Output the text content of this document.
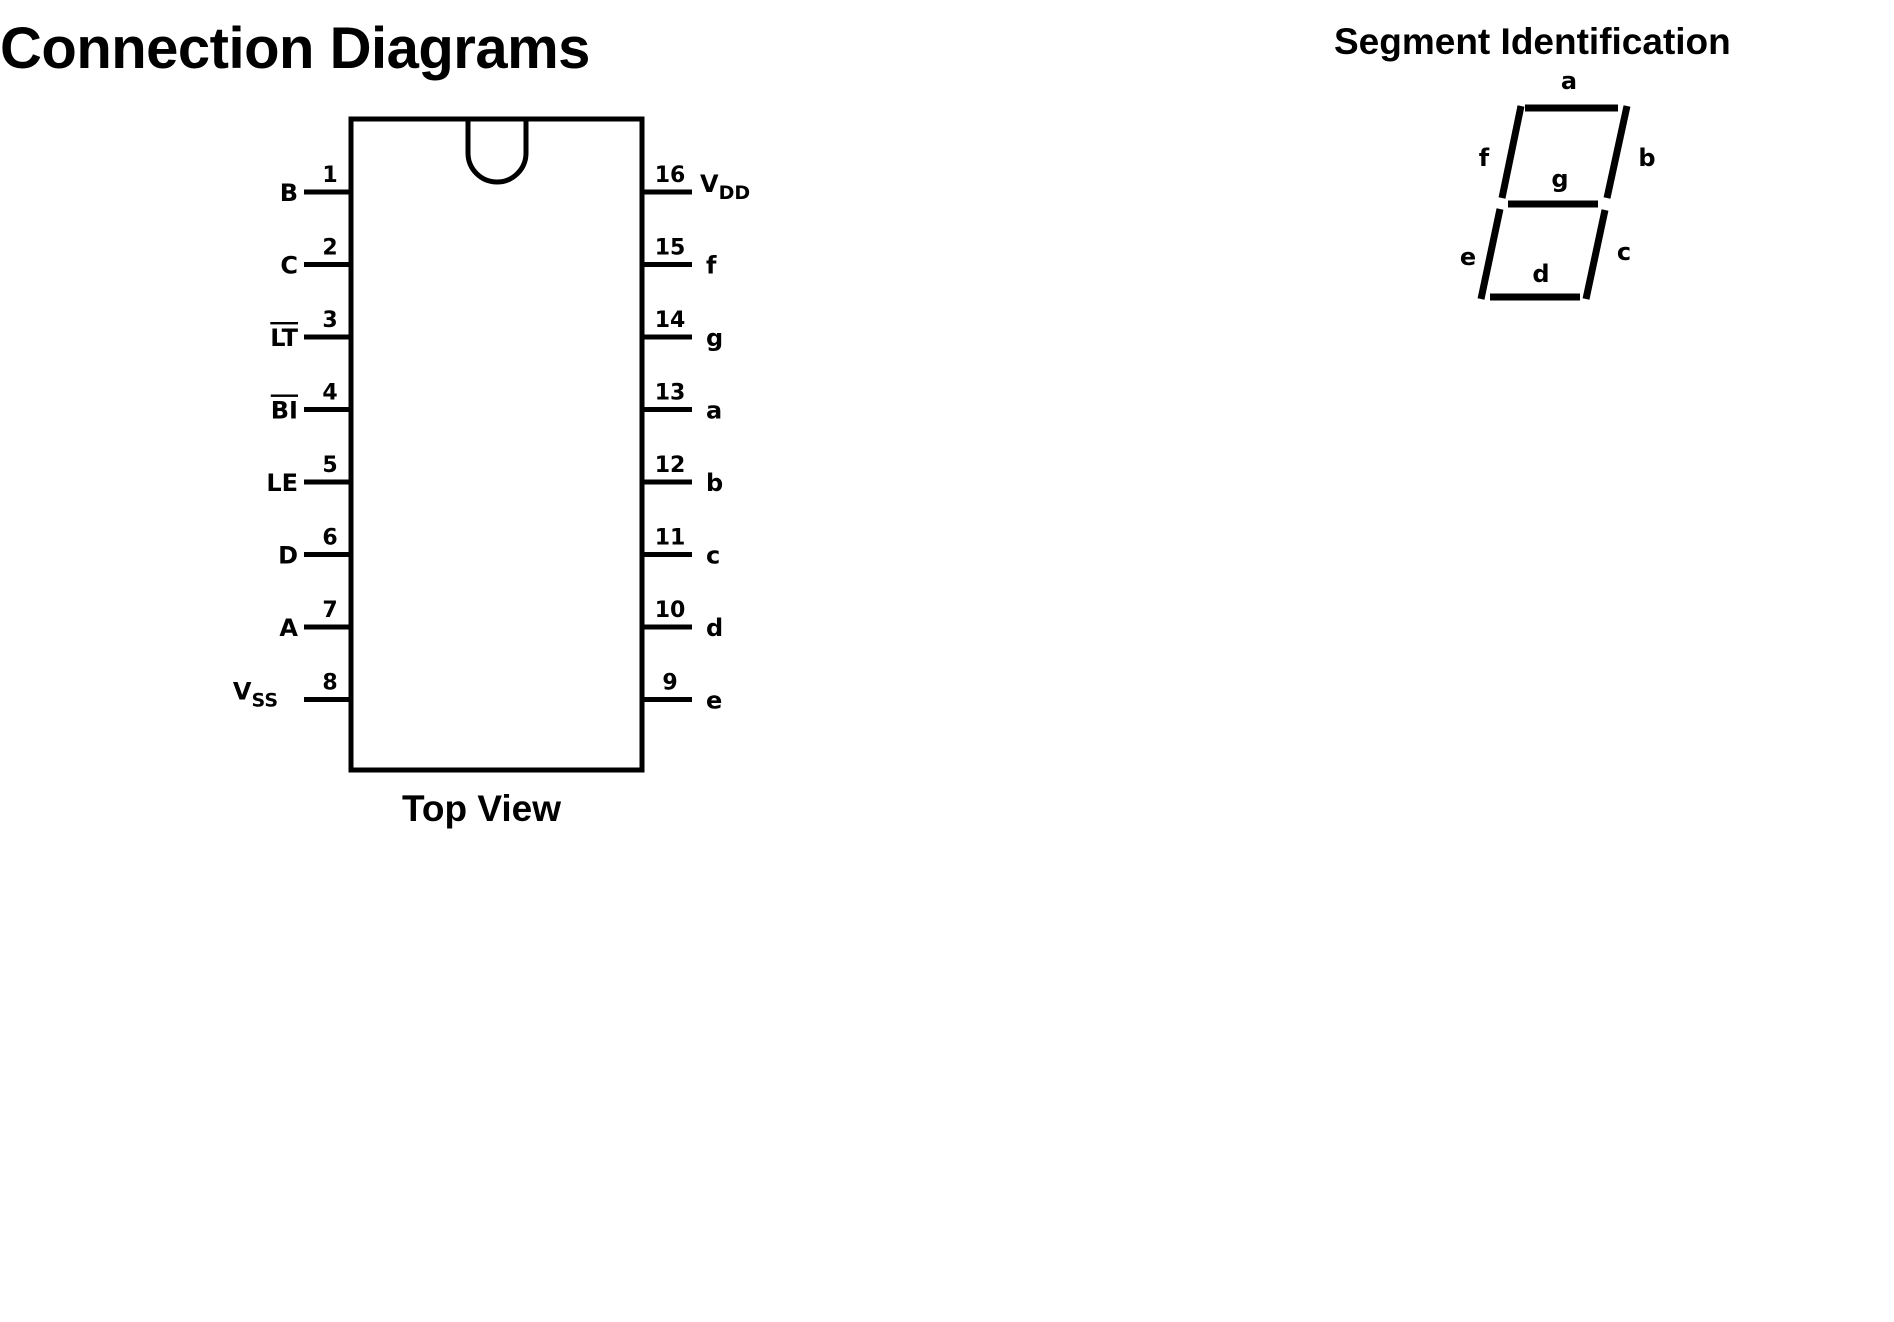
Connection Diagrams	Segment Identification
Top View
1
B
2
C
3
LT
4
BI
5
LE
6
D
7
A
8
$V_{SS}$
16 $V_{DD}$
15
f
14
g
13
a
12
b
11
c
10
d
9
e
a
b
c
d
e
f
g
